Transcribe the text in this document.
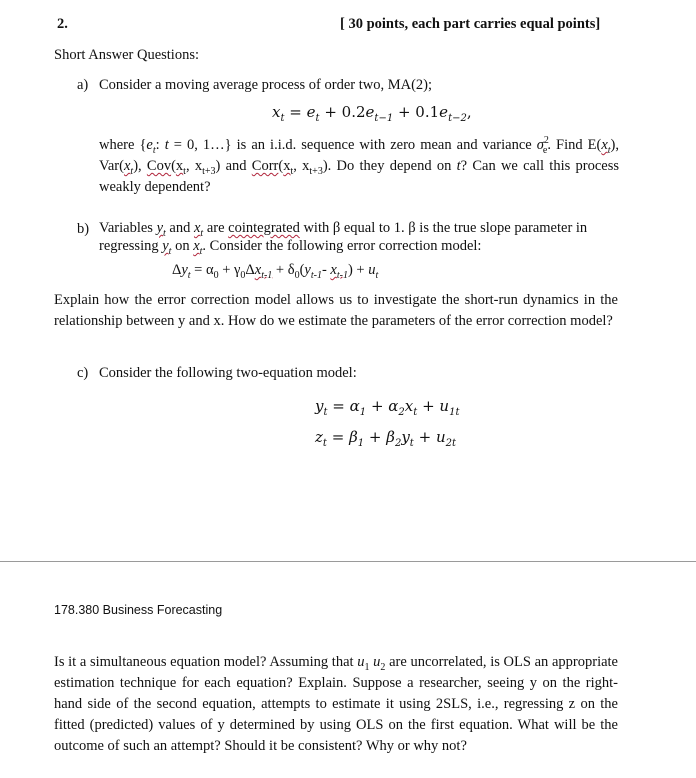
2.	[ 30 points, each part carries equal points]
Short Answer Questions:
a) Consider a moving average process of order two, MA(2);
$x_t = e_t + 0.2e_{t-1} + 0.1e_{t-2}$,
where {$e_t$: t = 0, 1…} is an i.i.d. sequence with zero mean and variance $\sigma^2_e$. Find $E(x_t)$, $Var(x_t)$, $Cov(x_t$, $x_{t+3}$) and $Corr(x_t$, $x_{t+3}$). Do they depend on t? Can we call this process weakly dependent?
b) Variables $y_t$ and $x_t$ are cointegrated with β equal to 1. β is the true slope parameter in
regressing $y_t$ on $x_t$. Consider the following error correction model:
$\Delta y_t = \alpha_0 + \gamma_0\Delta x_{t-1} + \delta_0(y_{t-1}-$ $x_{t-1}) + u_t$
Explain how the error correction model allows us to investigate the short-run dynamics in the relationship between y and x. How do we estimate the parameters of the error correction model?
c) Consider the following two-equation model:
$y_t = \alpha_1 + \alpha_2x_t + u_{1t}$
$z_t = \beta_1 + \beta_2y_t + u_{2t}$
178.380 Business Forecasting
Is it a simultaneous equation model? Assuming that $u_1$ $u_2$ are uncorrelated, is OLS an appropriate estimation technique for each equation? Explain. Suppose a researcher, seeing y on the right-hand side of the second equation, attempts to estimate it using 2SLS, i.e., regressing z on the fitted (predicted) values of y determined by using OLS on the first equation. What will be the outcome of such an attempt? Should it be consistent? Why or why not?
